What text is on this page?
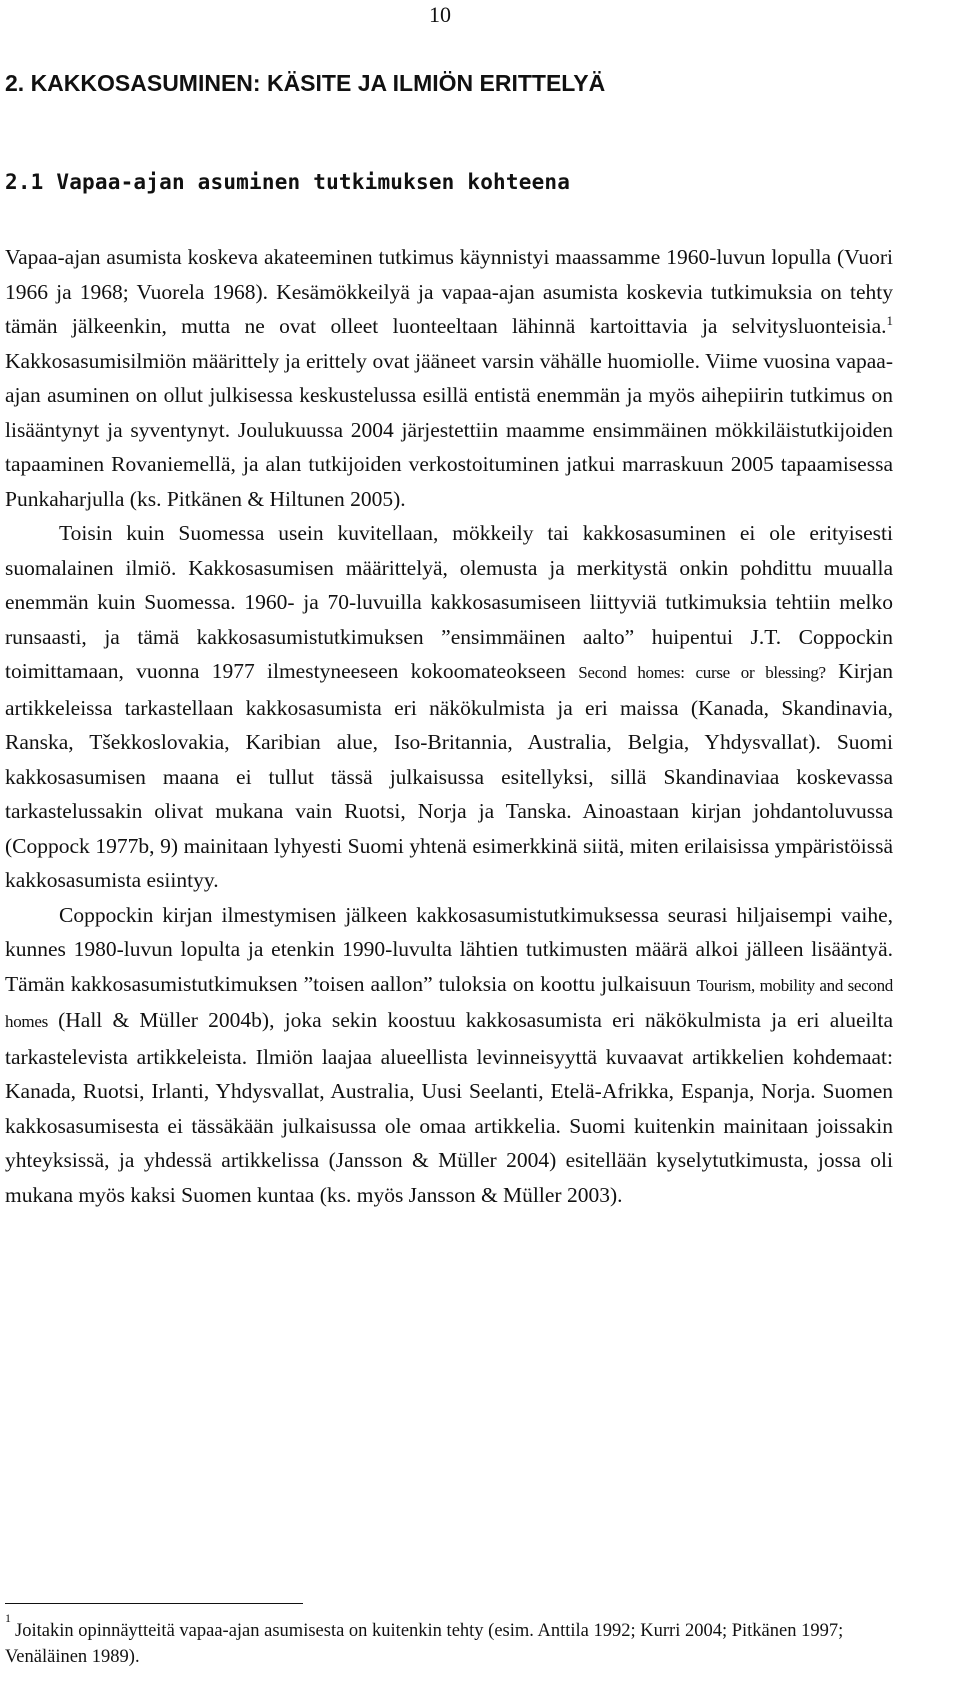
10
2. KAKKOSASUMINEN: KÄSITE JA ILMIÖN ERITTELYÄ
2.1 Vapaa-ajan asuminen tutkimuksen kohteena

Vapaa-ajan asumista koskeva akateeminen tutkimus käynnistyi maassamme 1960-luvun lopulla (Vuori 1966 ja 1968; Vuorela 1968). Kesämökkeilyä ja vapaa-ajan asumista koskevia tutkimuksia on tehty tämän jälkeenkin, mutta ne ovat olleet luonteeltaan lähinnä kartoittavia ja selvitysluonteisia.$^1$ Kakkosasumisilmiön määrittely ja erittely ovat jääneet varsin vähälle huomiolle. Viime vuosina vapaa-ajan asuminen on ollut julkisessa keskustelussa esillä entistä enemmän ja myös aihepiirin tutkimus on lisääntynyt ja syventynyt. Joulukuussa 2004 järjestettiin maamme ensimmäinen mökkiläistutkijoiden tapaaminen Rovaniemellä, ja alan tutkijoiden verkostoituminen jatkui marraskuun 2005 tapaamisessa Punkaharjulla (ks. Pitkänen & Hiltunen 2005).

Toisin kuin Suomessa usein kuvitellaan, mökkeily tai kakkosasuminen ei ole erityisesti suomalainen ilmiö. Kakkosasumisen määrittelyä, olemusta ja merkitystä onkin pohdittu muualla enemmän kuin Suomessa. 1960- ja 70-luvuilla kakkosasumiseen liittyviä tutkimuksia tehtiin melko runsaasti, ja tämä kakkosasumistutkimuksen ”ensimmäinen aalto” huipentui J.T. Coppockin toimittamaan, vuonna 1977 ilmestyneeseen kokoomateokseen Second homes: curse or blessing? Kirjan artikkeleissa tarkastellaan kakkosasumista eri näkökulmista ja eri maissa (Kanada, Skandinavia, Ranska, Tšekkoslovakia, Karibian alue, Iso-Britannia, Australia, Belgia, Yhdysvallat). Suomi kakkosasumisen maana ei tullut tässä julkaisussa esitellyksi, sillä Skandinaviaa koskevassa tarkastelussakin olivat mukana vain Ruotsi, Norja ja Tanska. Ainoastaan kirjan johdantoluvussa (Coppock 1977b, 9) mainitaan lyhyesti Suomi yhtenä esimerkkinä siitä, miten erilaisissa ympäristöissä kakkosasumista esiintyy.

Coppockin kirjan ilmestymisen jälkeen kakkosasumistutkimuksessa seurasi hiljaisempi vaihe, kunnes 1980-luvun lopulta ja etenkin 1990-luvulta lähtien tutkimusten määrä alkoi jälleen lisääntyä. Tämän kakkosasumistutkimuksen ”toisen aallon” tuloksia on koottu julkaisuun Tourism, mobility and second homes (Hall & Müller 2004b), joka sekin koostuu kakkosasumista eri näkökulmista ja eri alueilta tarkastelevista artikkeleista. Ilmiön laajaa alueellista levinneisyyttä kuvaavat artikkelien kohdemaat: Kanada, Ruotsi, Irlanti, Yhdysvallat, Australia, Uusi Seelanti, Etelä-Afrikka, Espanja, Norja. Suomen kakkosasumisesta ei tässäkään julkaisussa ole omaa artikkelia. Suomi kuitenkin mainitaan joissakin yhteyksissä, ja yhdessä artikkelissa (Jansson & Müller 2004) esitellään kyselytutkimusta, jossa oli mukana myös kaksi Suomen kuntaa (ks. myös Jansson & Müller 2003).

$^1$Joitakin opinnäytteitä vapaa-ajan asumisesta on kuitenkin tehty (esim. Anttila 1992; Kurri 2004; Pitkänen 1997; Venäläinen 1989).
